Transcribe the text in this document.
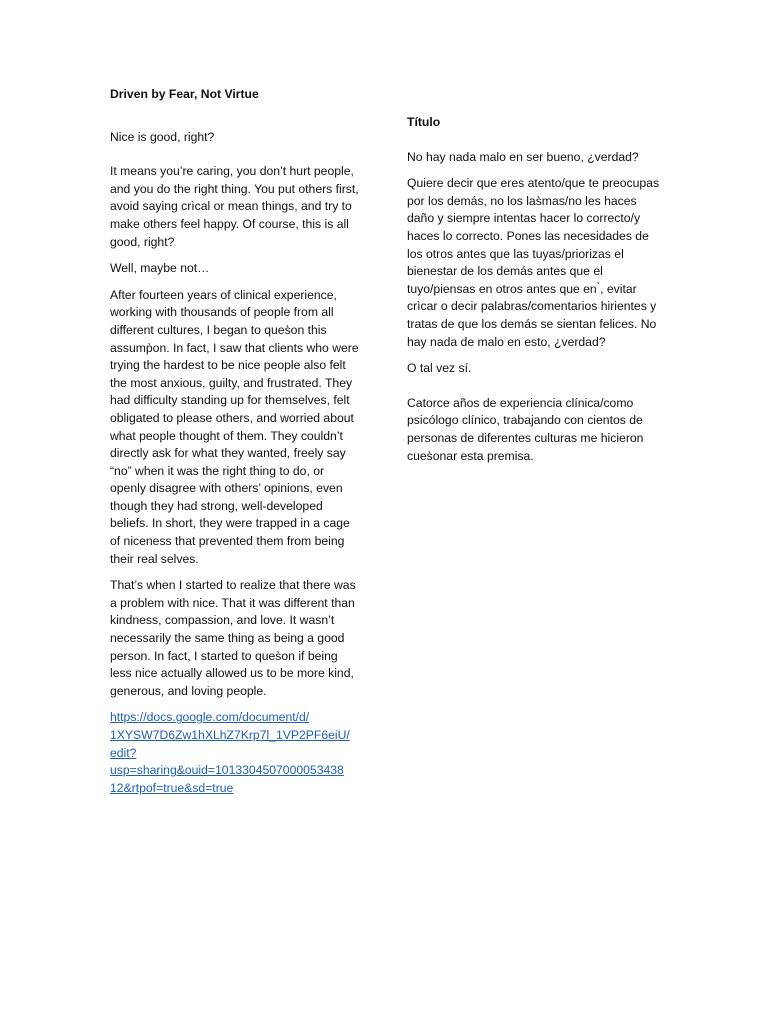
Driven by Fear, Not Virtue

Nice is good, right?

It means you’re caring, you don’t hurt people, and you do the right thing. You put others first, avoid saying crìcal or mean things, and try to make others feel happy. Of course, this is all good, right?

Well, maybe not…

After fourteen years of clinical experience, working with thousands of people from all different cultures, I began to ques̀on this assump̀on. In fact, I saw that clients who were trying the hardest to be nice people also felt the most anxious, guilty, and frustrated. They had difficulty standing up for themselves, felt obligated to please others, and worried about what people thought of them. They couldn’t directly ask for what they wanted, freely say “no” when it was the right thing to do, or openly disagree with others’ opinions, even though they had strong, well-developed beliefs. In short, they were trapped in a cage of niceness that prevented them from being their real selves.

That’s when I started to realize that there was a problem with nice. That it was different than kindness, compassion, and love. It wasn’t necessarily the same thing as being a good person. In fact, I started to ques̀on if being less nice actually allowed us to be more kind, generous, and loving people.

https://docs.google.com/document/d/
1XYSW7D6Zw1hXLhZ7Krp7l_1VP2PF6eiU/
edit?
usp=sharing&ouid=1013304507000053438
12&rtpof=true&sd=true
Título

No hay nada malo en ser bueno, ¿verdad?

Quiere decir que eres atento/que te preocupas por los demás, no los las̀mas/no les haces daño y siempre intentas hacer lo correcto/y haces lo correcto. Pones las necesidades de los otros antes que las tuyas/priorizas el bienestar de los demás antes que el tuyo/piensas en otros antes que en ̀, evitar crìcar o decir palabras/comentarios hirientes y tratas de que los demás se sientan felices. No hay nada de malo en esto, ¿verdad?

O tal vez sí.

Catorce años de experiencia clínica/como psicólogo clínico, trabajando con cientos de personas de diferentes culturas me hicieron cues̀onar esta premisa.
